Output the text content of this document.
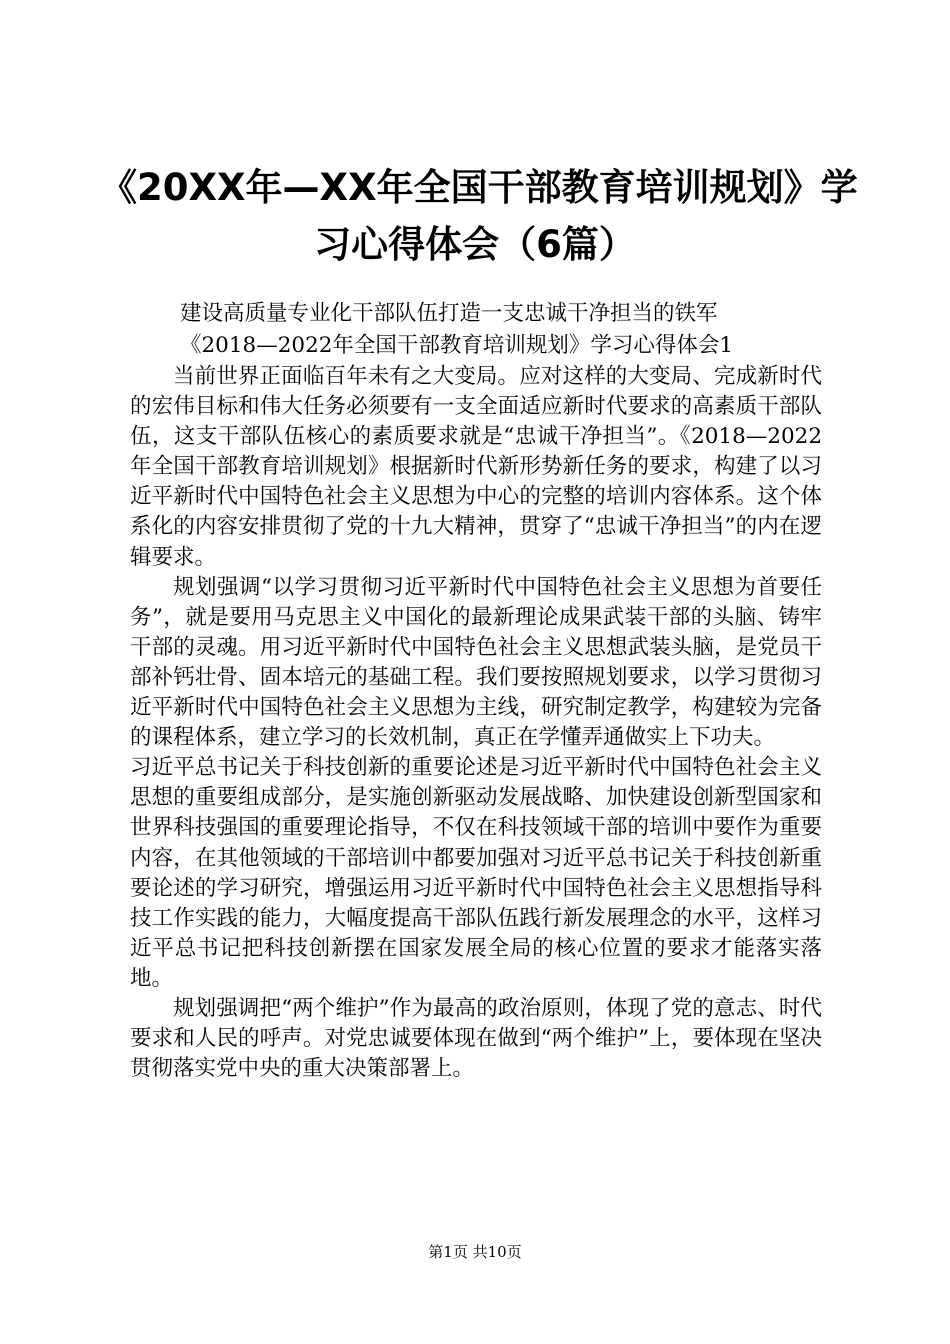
《20XX年—XX年全国干部教育培训规划》学
习心得体会（6篇）
建设高质量专业化干部队伍打造一支忠诚干净担当的铁军
《2018—2022年全国干部教育培训规划》学习心得体会1

当前世界正面临百年未有之大变局。应对这样的大变局、完成新时代的宏伟目标和伟大任务必须要有一支全面适应新时代要求的高素质干部队伍，这支干部队伍核心的素质要求就是“忠诚干净担当”。《2018—2022年全国干部教育培训规划》根据新时代新形势新任务的要求，构建了以习近平新时代中国特色社会主义思想为中心的完整的培训内容体系。这个体系化的内容安排贯彻了党的十九大精神，贯穿了“忠诚干净担当”的内在逻辑要求。

规划强调“以学习贯彻习近平新时代中国特色社会主义思想为首要任务”，就是要用马克思主义中国化的最新理论成果武装干部的头脑、铸牢干部的灵魂。用习近平新时代中国特色社会主义思想武装头脑，是党员干部补钙壮骨、固本培元的基础工程。我们要按照规划要求，以学习贯彻习近平新时代中国特色社会主义思想为主线，研究制定教学，构建较为完备的课程体系，建立学习的长效机制，真正在学懂弄通做实上下功夫。

习近平总书记关于科技创新的重要论述是习近平新时代中国特色社会主义思想的重要组成部分，是实施创新驱动发展战略、加快建设创新型国家和世界科技强国的重要理论指导，不仅在科技领域干部的培训中要作为重要内容，在其他领域的干部培训中都要加强对习近平总书记关于科技创新重要论述的学习研究，增强运用习近平新时代中国特色社会主义思想指导科技工作实践的能力，大幅度提高干部队伍践行新发展理念的水平，这样习近平总书记把科技创新摆在国家发展全局的核心位置的要求才能落实落地。

规划强调把“两个维护”作为最高的政治原则，体现了党的意志、时代要求和人民的呼声。对党忠诚要体现在做到“两个维护”上，要体现在坚决贯彻落实党中央的重大决策部署上。

第1页 共10页
